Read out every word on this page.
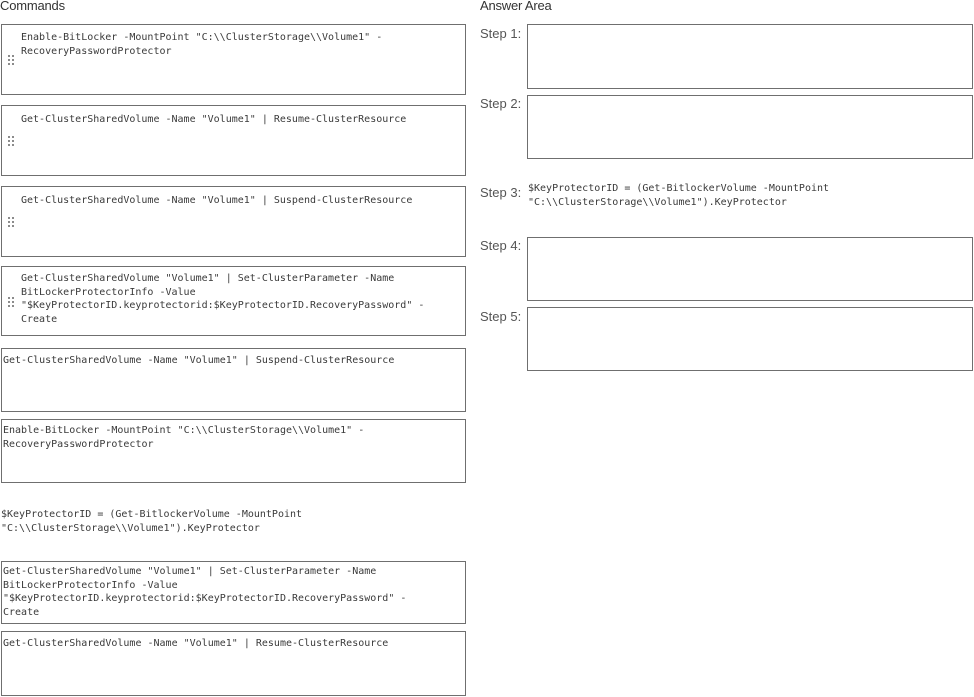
Commands	Answer Area
Enable-BitLocker -MountPoint "C:\\ClusterStorage\\Volume1" -
RecoveryPasswordProtector
Get-ClusterSharedVolume -Name "Volume1" | Resume-ClusterResource
Get-ClusterSharedVolume -Name "Volume1" | Suspend-ClusterResource
Get-ClusterSharedVolume "Volume1" | Set-ClusterParameter -Name
BitLockerProtectorInfo -Value
"$KeyProtectorID.keyprotectorid:$KeyProtectorID.RecoveryPassword" -
Create
Get-ClusterSharedVolume -Name "Volume1" | Suspend-ClusterResource
Enable-BitLocker -MountPoint "C:\\ClusterStorage\\Volume1" -
RecoveryPasswordProtector
$KeyProtectorID = (Get-BitlockerVolume -MountPoint
"C:\\ClusterStorage\\Volume1").KeyProtector
Get-ClusterSharedVolume "Volume1" | Set-ClusterParameter -Name
BitLockerProtectorInfo -Value
"$KeyProtectorID.keyprotectorid:$KeyProtectorID.RecoveryPassword" -
Create
Get-ClusterSharedVolume -Name "Volume1" | Resume-ClusterResource
Step 1:
Step 2:
Step 3: $KeyProtectorID = (Get-BitlockerVolume -MountPoint
"C:\\ClusterStorage\\Volume1").KeyProtector
Step 4:
Step 5:
